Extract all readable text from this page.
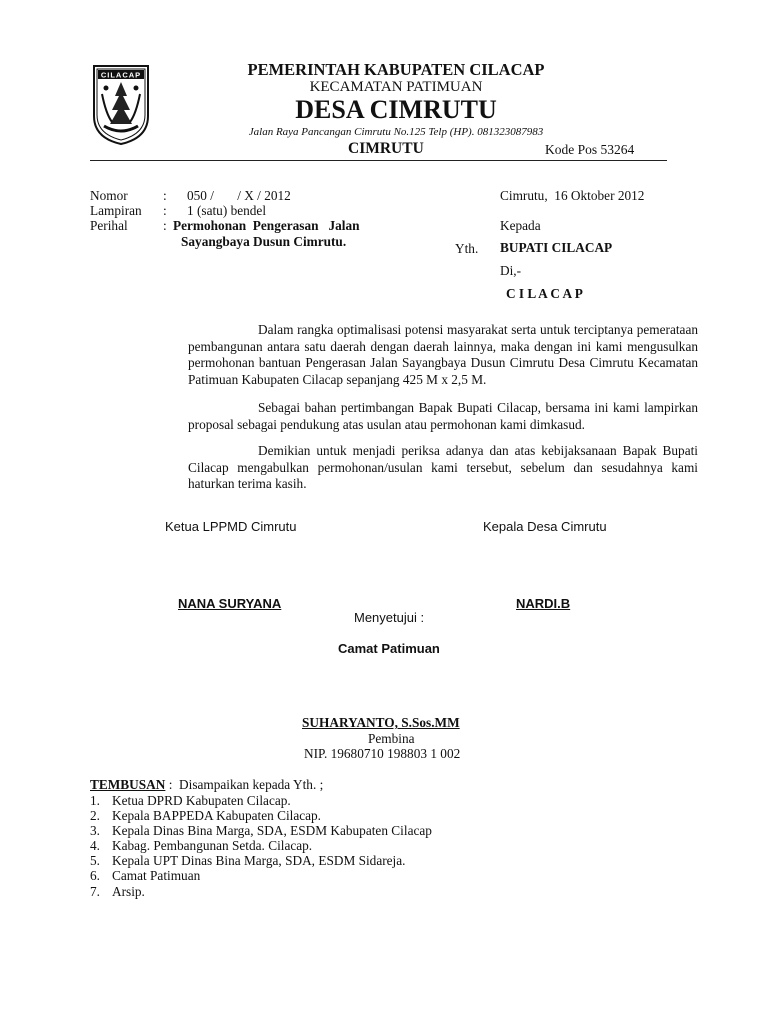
CILACAP	PEMERINTAH KABUPATEN CILACAP
KECAMATAN PATIMUAN
DESA CIMRUTU
Jalan Raya Pancangan Cimrutu No.125 Telp (HP). 081323087983
CIMRUTU	Kode Pos 53264
Nomor	: 050 /       / X / 2012
Lampiran : 1 (satu) bendel
Perihal	: Permohonan  Pengerasan   Jalan
Sayangbaya Dusun Cimrutu.
Cimrutu,  16 Oktober 2012
Kepada
Yth. BUPATI CILACAP
Di,-
C I L A C A P
Dalam rangka optimalisasi potensi masyarakat serta untuk terciptanya pemerataan pembangunan antara satu daerah dengan daerah lainnya, maka dengan ini kami mengusulkan permohonan bantuan Pengerasan Jalan Sayangbaya Dusun Cimrutu Desa Cimrutu Kecamatan Patimuan Kabupaten Cilacap sepanjang 425 M x 2,5 M.
Sebagai bahan pertimbangan Bapak Bupati Cilacap, bersama ini kami lampirkan proposal sebagai pendukung atas usulan atau permohonan kami dimkasud.
Demikian untuk menjadi periksa adanya dan atas kebijaksanaan Bapak Bupati Cilacap mengabulkan permohonan/usulan kami tersebut, sebelum dan sesudahnya kami haturkan terima kasih.
Ketua LPPMD Cimrutu	Kepala Desa Cimrutu
NANA SURYANA	NARDI.B
Menyetujui :
Camat Patimuan
SUHARYANTO, S.Sos.MM
Pembina
NIP. 19680710 198803 1 002
TEMBUSAN :  Disampaikan kepada Yth. ;
1. Ketua DPRD Kabupaten Cilacap.
2. Kepala BAPPEDA Kabupaten Cilacap.
3. Kepala Dinas Bina Marga, SDA, ESDM Kabupaten Cilacap
4. Kabag. Pembangunan Setda. Cilacap.
5. Kepala UPT Dinas Bina Marga, SDA, ESDM Sidareja.
6. Camat Patimuan
7. Arsip.
